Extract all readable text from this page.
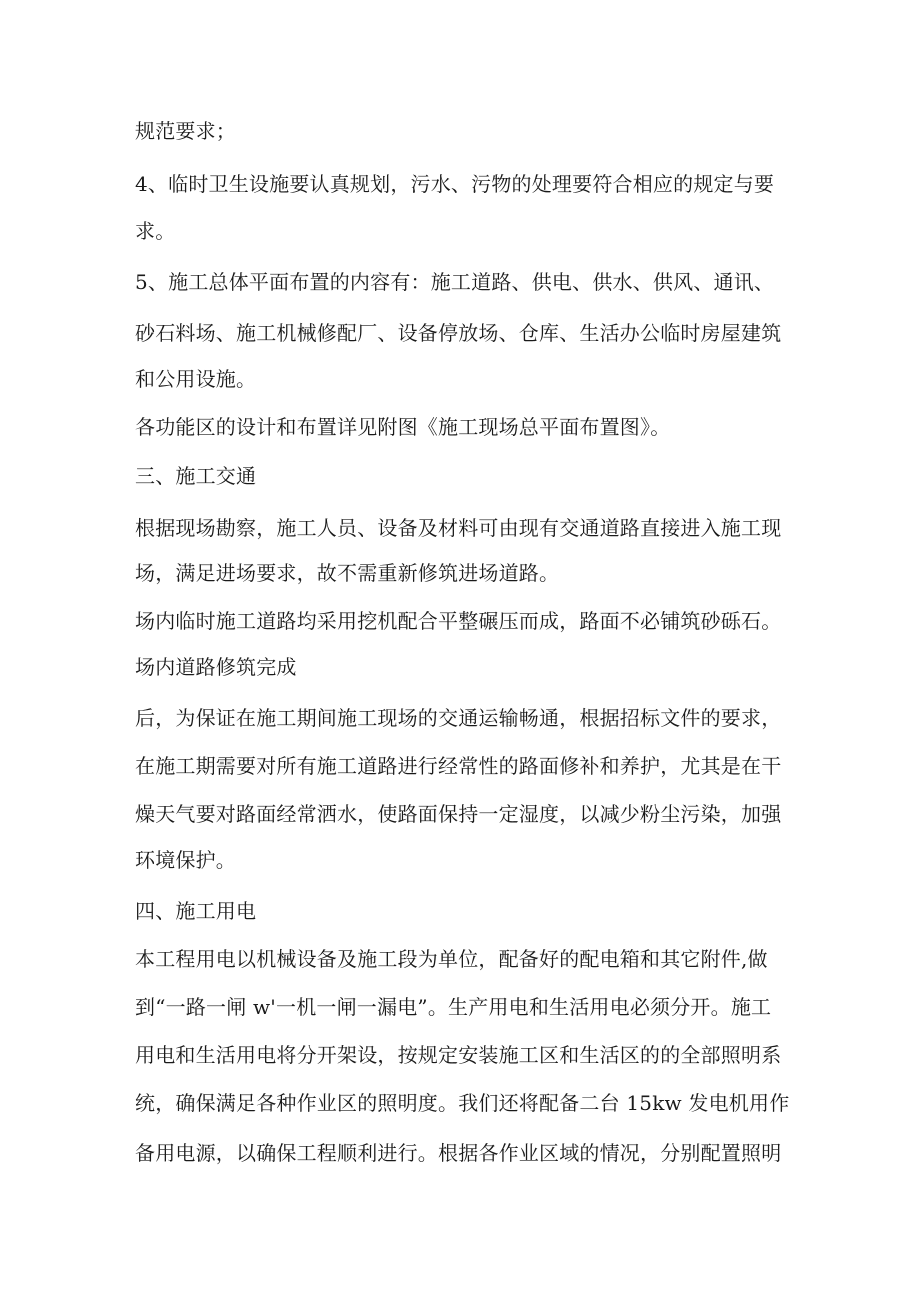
规范要求；

4、临时卫生设施要认真规划，污水、污物的处理要符合相应的规定与要

求。

5、施工总体平面布置的内容有：施工道路、供电、供水、供风、通讯、

砂石料场、施工机械修配厂、设备停放场、仓库、生活办公临时房屋建筑

和公用设施。

各功能区的设计和布置详见附图《施工现场总平面布置图》。

三、施工交通

根据现场勘察，施工人员、设备及材料可由现有交通道路直接进入施工现

场，满足进场要求，故不需重新修筑进场道路。

场内临时施工道路均采用挖机配合平整碾压而成，路面不必铺筑砂砾石。

场内道路修筑完成

后，为保证在施工期间施工现场的交通运输畅通，根据招标文件的要求，

在施工期需要对所有施工道路进行经常性的路面修补和养护，尤其是在干

燥天气要对路面经常洒水，使路面保持一定湿度，以减少粉尘污染，加强

环境保护。

四、施工用电

本工程用电以机械设备及施工段为单位，配备好的配电箱和其它附件,做

到“一路一闸 w'一机一闸一漏电”。生产用电和生活用电必须分开。施工

用电和生活用电将分开架设，按规定安装施工区和生活区的的全部照明系

统，确保满足各种作业区的照明度。我们还将配备二台 15kw 发电机用作

备用电源，以确保工程顺利进行。根据各作业区域的情况，分别配置照明
